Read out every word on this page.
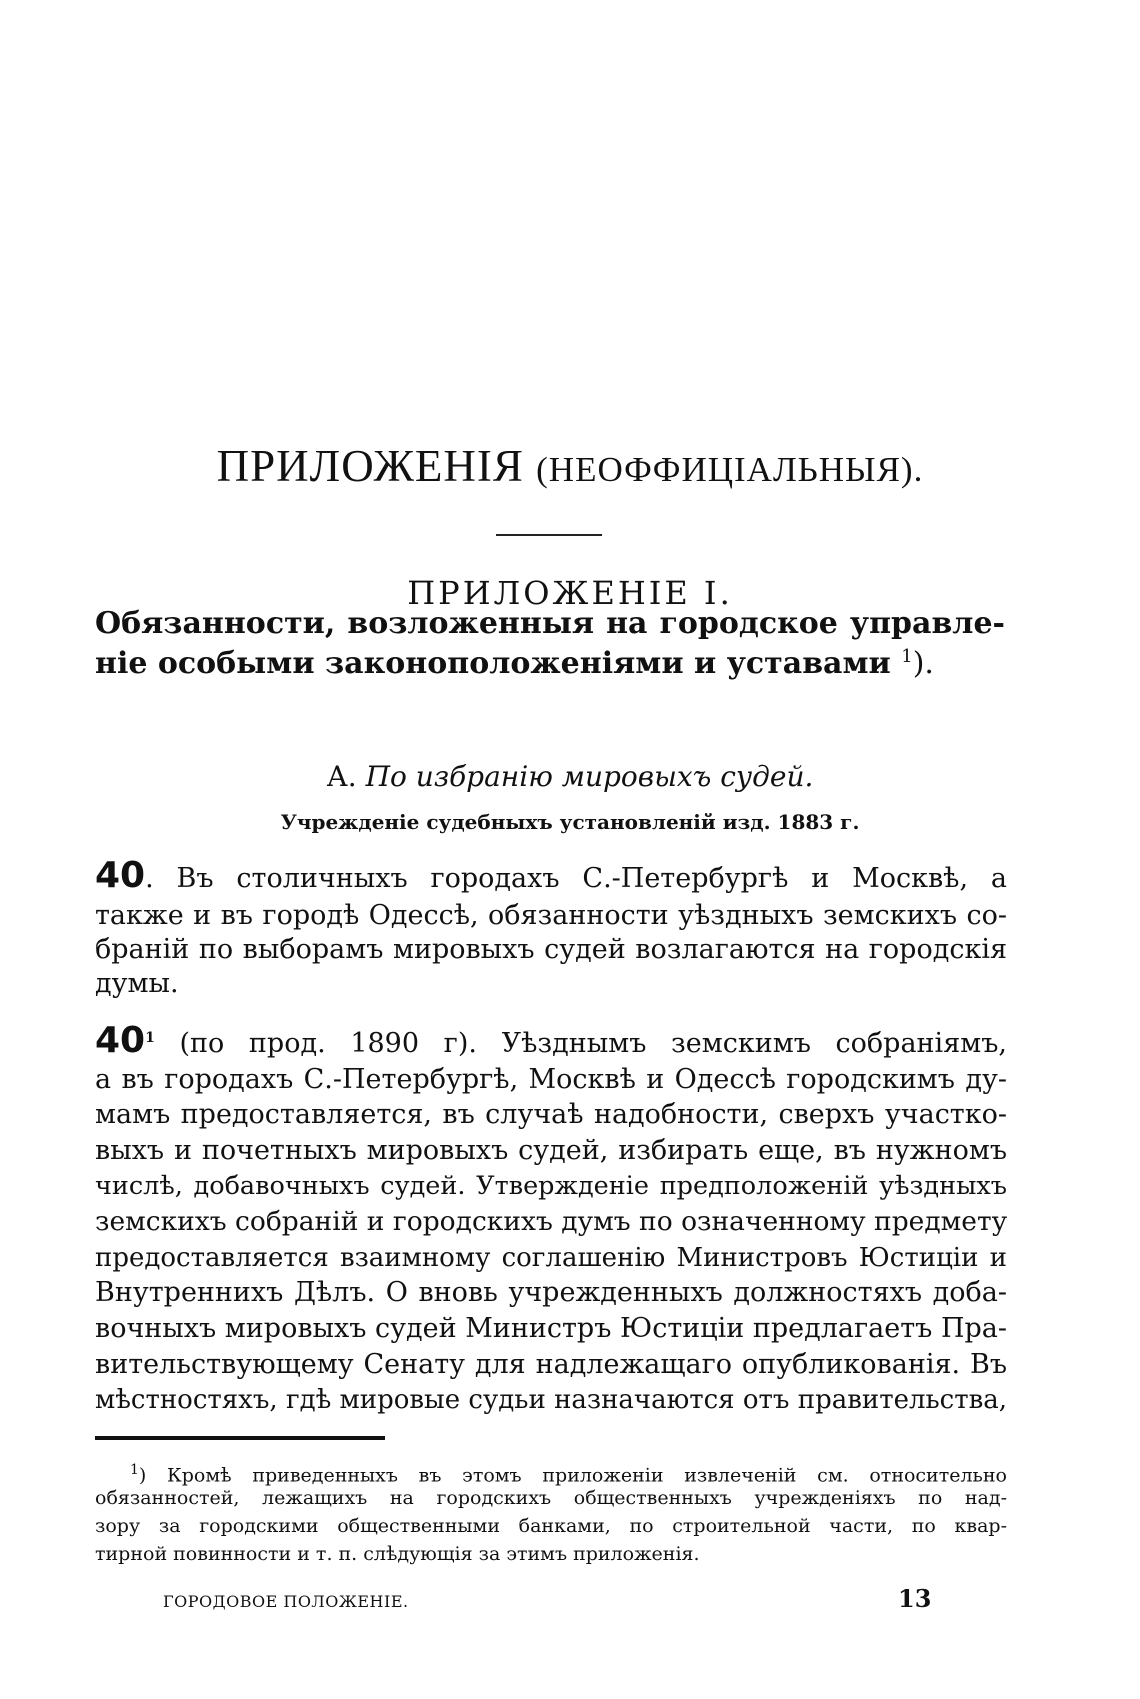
ПРИЛОЖЕНІЯ (НЕОФФИЦІАЛЬНЫЯ).
ПРИЛОЖЕНІЕ I.
Обязанности, возложенныя на городское управле-
ніе особыми законоположеніями и уставами $^1$).
А. По избранію мировыхъ судей.
Учрежденіе судебныхъ установленій изд. 1883 г.
40. Въ столичныхъ городахъ С.-Петербургѣ и Москвѣ, а
также и въ городѣ Одессѣ, обязанности уѣздныхъ земскихъ со-
браній по выборамъ мировыхъ судей возлагаются на городскія
думы.
40$^1$ (по прод. 1890 г). Уѣзднымъ земскимъ собраніямъ,
а въ городахъ С.-Петербургѣ, Москвѣ и Одессѣ городскимъ ду-
мамъ предоставляется, въ случаѣ надобности, сверхъ участко-
выхъ и почетныхъ мировыхъ судей, избирать еще, въ нужномъ
числѣ, добавочныхъ судей. Утвержденіе предположеній уѣздныхъ
земскихъ собраній и городскихъ думъ по означенному предмету
предоставляется взаимному соглашенію Министровъ Юстиціи и
Внутреннихъ Дѣлъ. О вновь учрежденныхъ должностяхъ доба-
вочныхъ мировыхъ судей Министръ Юстиціи предлагаетъ Пра-
вительствующему Сенату для надлежащаго опубликованія. Въ
мѣстностяхъ, гдѣ мировые судьи назначаются отъ правительства,
$^1$) Кромѣ приведенныхъ въ этомъ приложеніи извлеченій см. относительно
обязанностей, лежащихъ на городскихъ общественныхъ учрежденіяхъ по над-
зору за городскими общественными банками, по строительной части, по квар-
тирной повинности и т. п. слѣдующія за этимъ приложенія.
ГОРОДОВОЕ ПОЛОЖЕНІЕ.	13
